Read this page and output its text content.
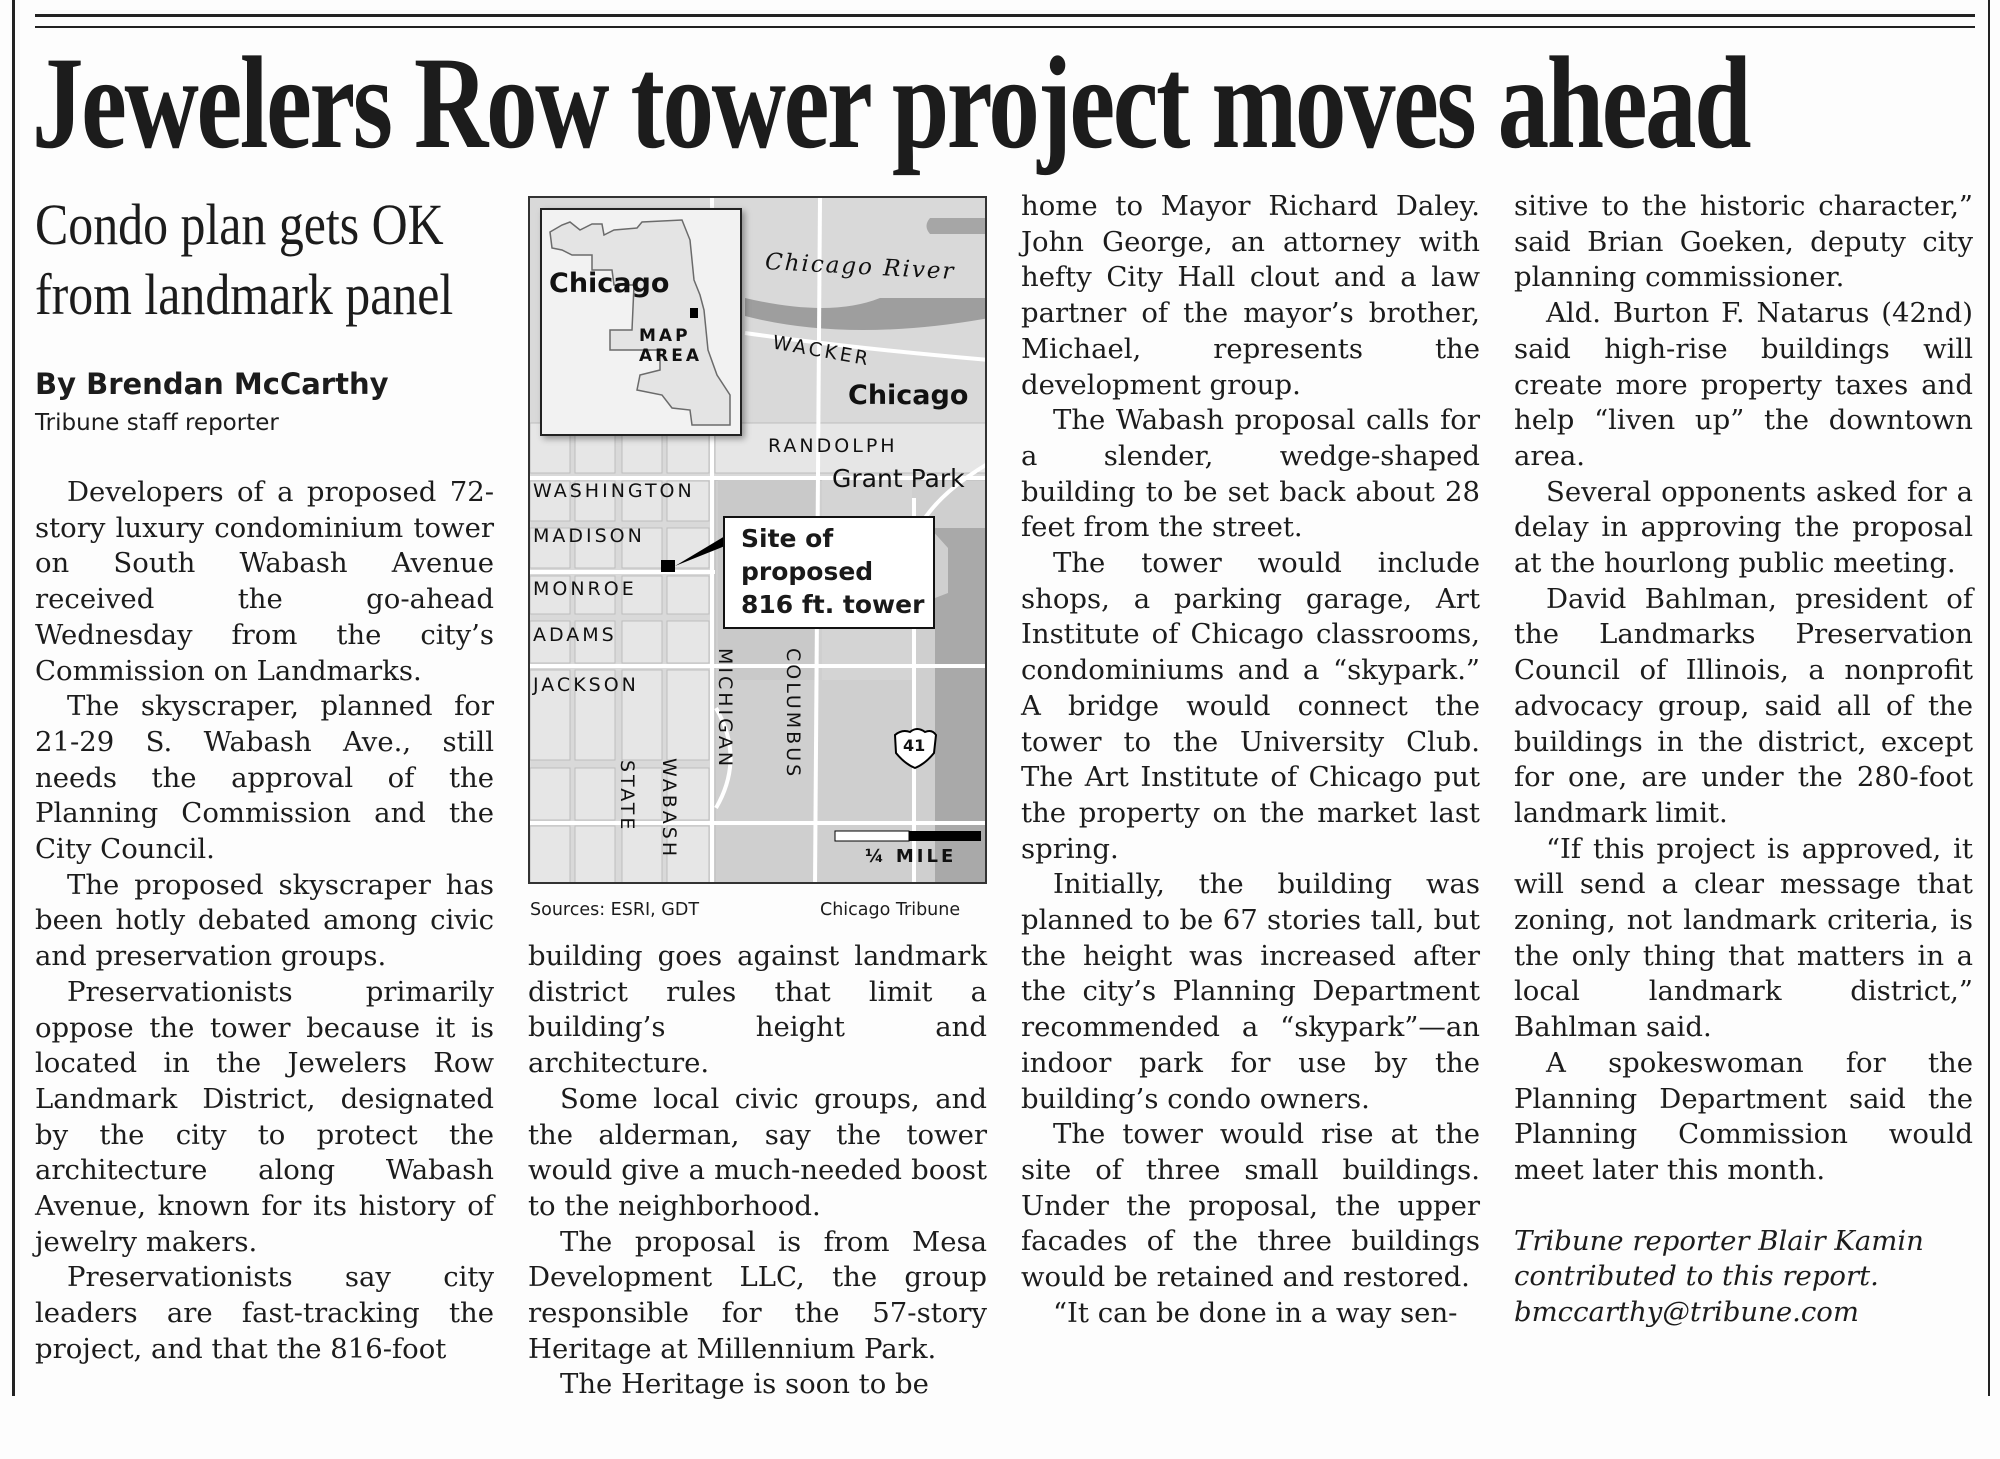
Jewelers Row tower project moves ahead
Condo plan gets OK
from landmark panel
By Brendan McCarthy
Tribune staff reporter

Developers of a proposed 72-story luxury condominium tower on South Wabash Avenue received the go-ahead Wednesday from the city’s Commission on Landmarks.

The skyscraper, planned for 21-29 S. Wabash Ave., still needs the approval of the Planning Commission and the City Council.

The proposed skyscraper has been hotly debated among civic and preservation groups.

Preservationists primarily oppose the tower because it is located in the Jewelers Row Landmark District, designated by the city to protect the architecture along Wabash Avenue, known for its history of jewelry makers.

Preservationists say city leaders are fast-tracking the project, and that the 816-foot

building goes against landmark district rules that limit a building’s height and architecture.

Some local civic groups, and the alderman, say the tower would give a much-needed boost to the neighborhood.

The proposal is from Mesa Development LLC, the group responsible for the 57-story Heritage at Millennium Park.

The Heritage is soon to be

home to Mayor Richard Daley. John George, an attorney with hefty City Hall clout and a law partner of the mayor’s brother, Michael, represents the development group.

The Wabash proposal calls for a slender, wedge-shaped building to be set back about 28 feet from the street.

The tower would include shops, a parking garage, Art Institute of Chicago classrooms, condominiums and a “skypark.” A bridge would connect the tower to the University Club. The Art Institute of Chicago put the property on the market last spring.

Initially, the building was planned to be 67 stories tall, but the height was increased after the city’s Planning Department recommended a “skypark”—an indoor park for use by the building’s condo owners.

The tower would rise at the site of three small buildings. Under the proposal, the upper facades of the three buildings would be retained and restored.

“It can be done in a way sen-

sitive to the historic character,” said Brian Goeken, deputy city planning commissioner.

Ald. Burton F. Natarus (42nd) said high-rise buildings will create more property taxes and help “liven up” the downtown area.

Several opponents asked for a delay in approving the proposal at the hourlong public meeting.

David Bahlman, president of the Landmarks Preservation Council of Illinois, a nonprofit advocacy group, said all of the buildings in the district, except for one, are under the 280-foot landmark limit.

“If this project is approved, it will send a clear message that zoning, not landmark criteria, is the only thing that matters in a local landmark district,” Bahlman said.

A spokeswoman for the Planning Department said the Planning Commission would meet later this month.

Tribune reporter Blair Kamin contributed to this report. bmccarthy@tribune.com

Chicago
MAP
AREA
Chicago River
WACKER
Chicago
RANDOLPH
Grant Park
WASHINGTON
MADISON
MONROE
ADAMS
JACKSON
STATE WABASH
MICHIGAN COLUMBUS	41
¼ MILE
Site of
proposed
816 ft. tower
Sources: ESRI, GDT	Chicago Tribune
